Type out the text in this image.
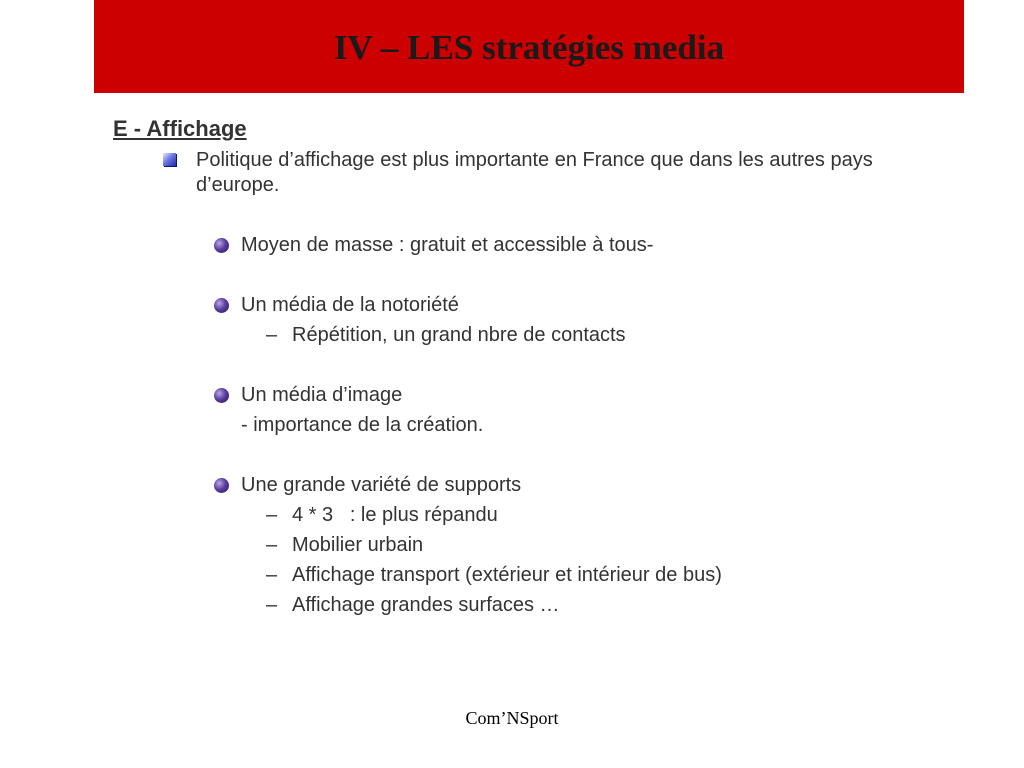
IV – LES stratégies media
E - Affichage
Politique d’affichage est plus importante en France que dans les autres pays d’europe.
Moyen de masse : gratuit et accessible à tous-
Un média de la notoriété
– Répétition, un grand nbre de contacts
Un média d’image
- importance de la création.
Une grande variété de supports
– 4 * 3   : le plus répandu
– Mobilier urbain
– Affichage transport (extérieur et intérieur de bus)
– Affichage grandes surfaces …
Com’NSport
